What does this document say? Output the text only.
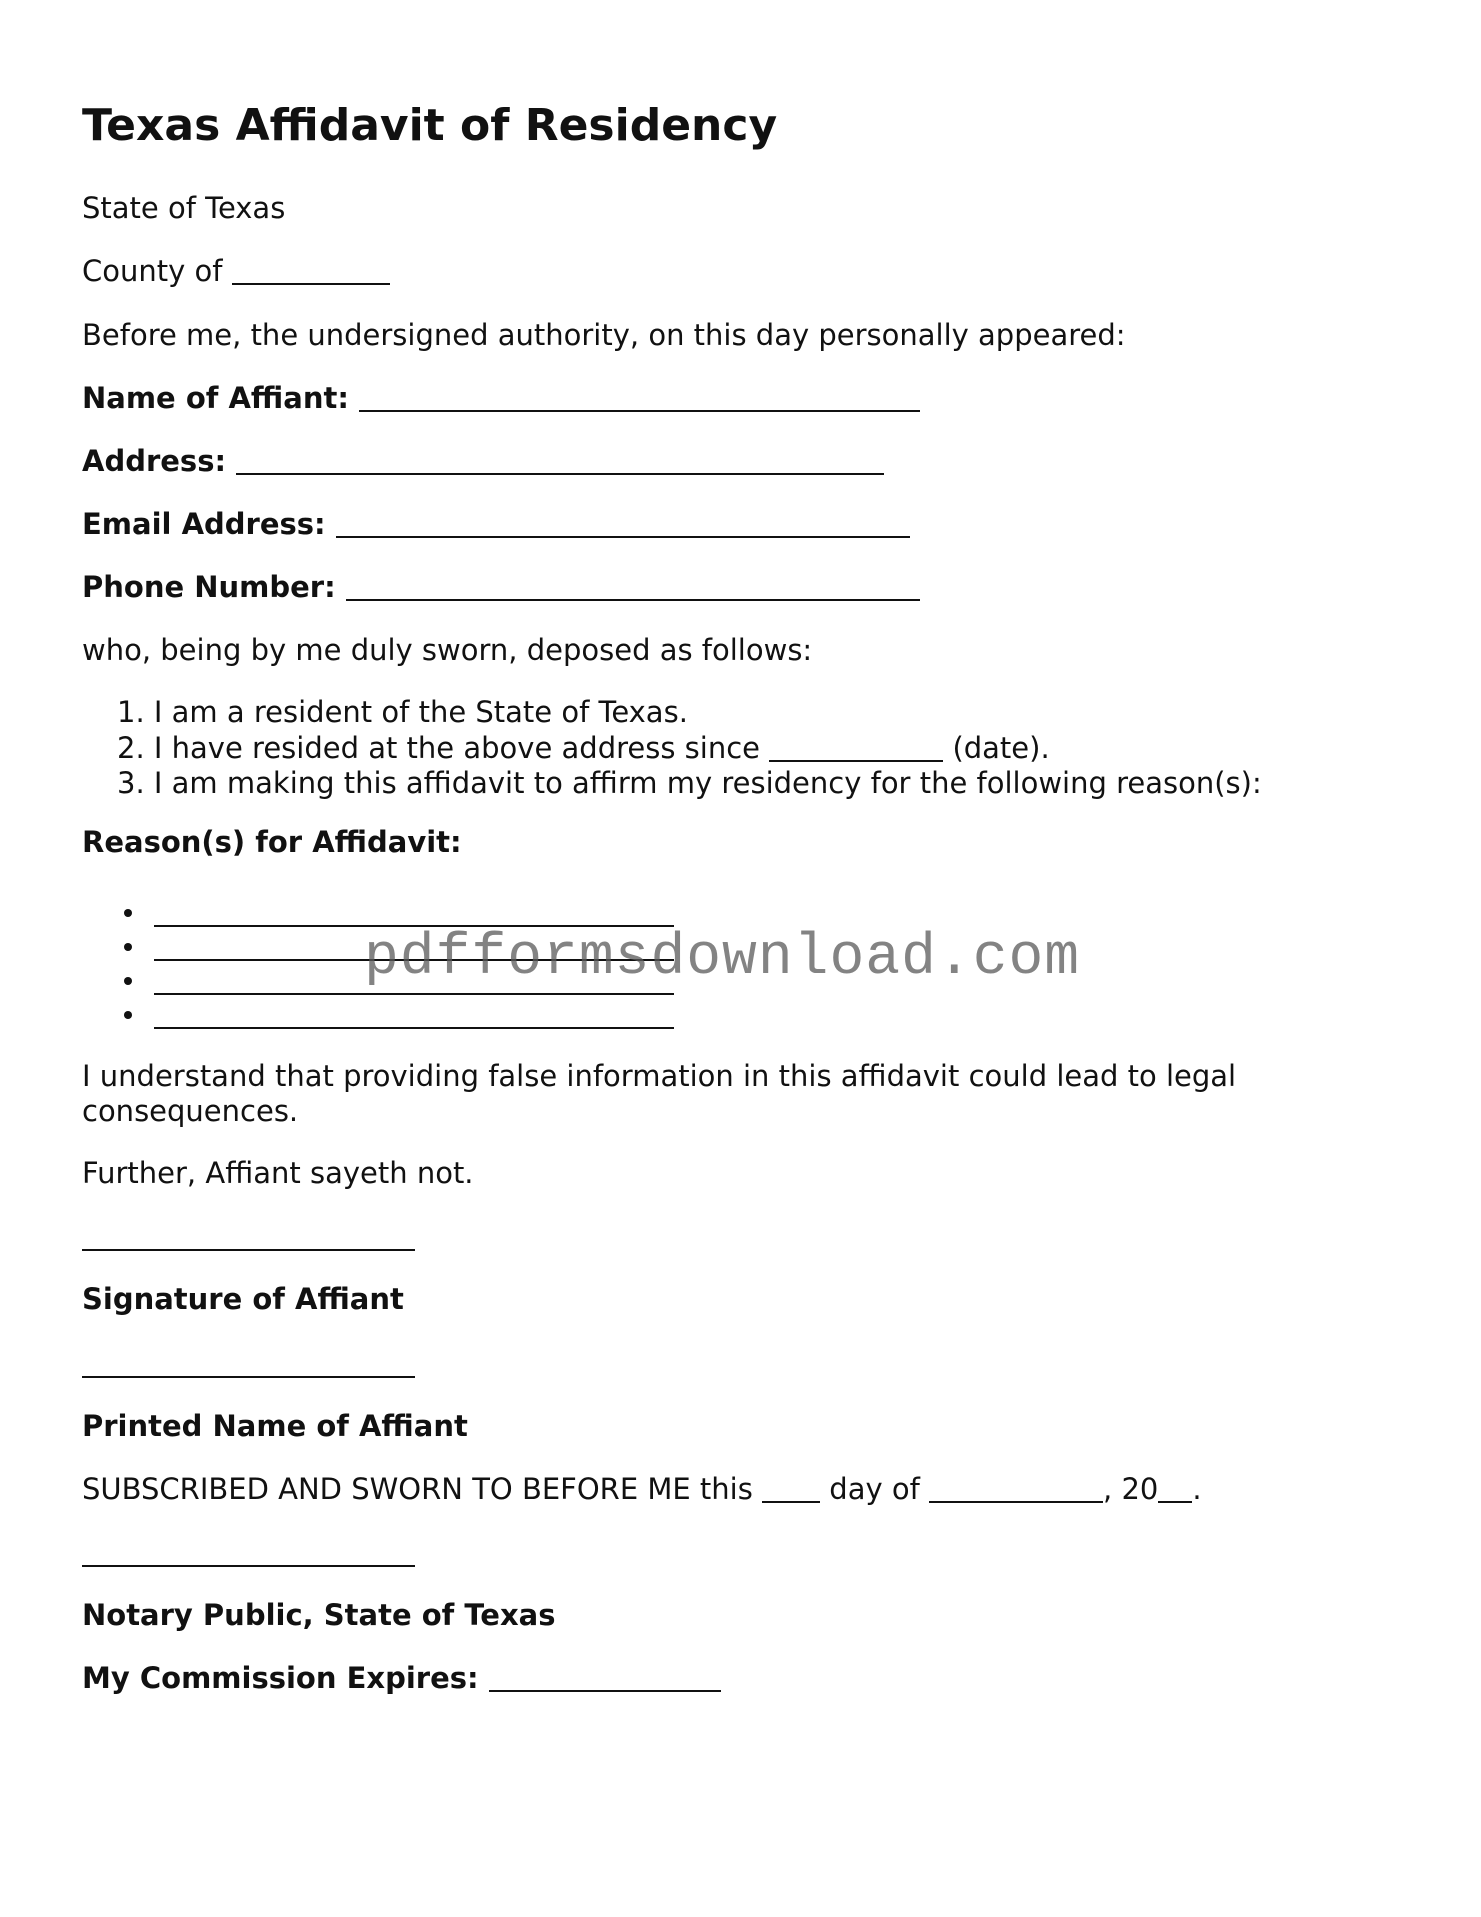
Texas Affidavit of Residency

State of Texas

County of

Before me, the undersigned authority, on this day personally appeared:

Name of Affiant:

Address:

Email Address:

Phone Number:

who, being by me duly sworn, deposed as follows:

1. I am a resident of the State of Texas.
2. I have resided at the above address since	(date).
3. I am making this affidavit to affirm my residency for the following reason(s):

Reason(s) for Affidavit:

I understand that providing false information in this affidavit could lead to legal

consequences.

Further, Affiant sayeth not.

Signature of Affiant

Printed Name of Affiant

SUBSCRIBED AND SWORN TO BEFORE ME this	day of	, 20 .

Notary Public, State of Texas

My Commission Expires:

pdfformsdownload.com
